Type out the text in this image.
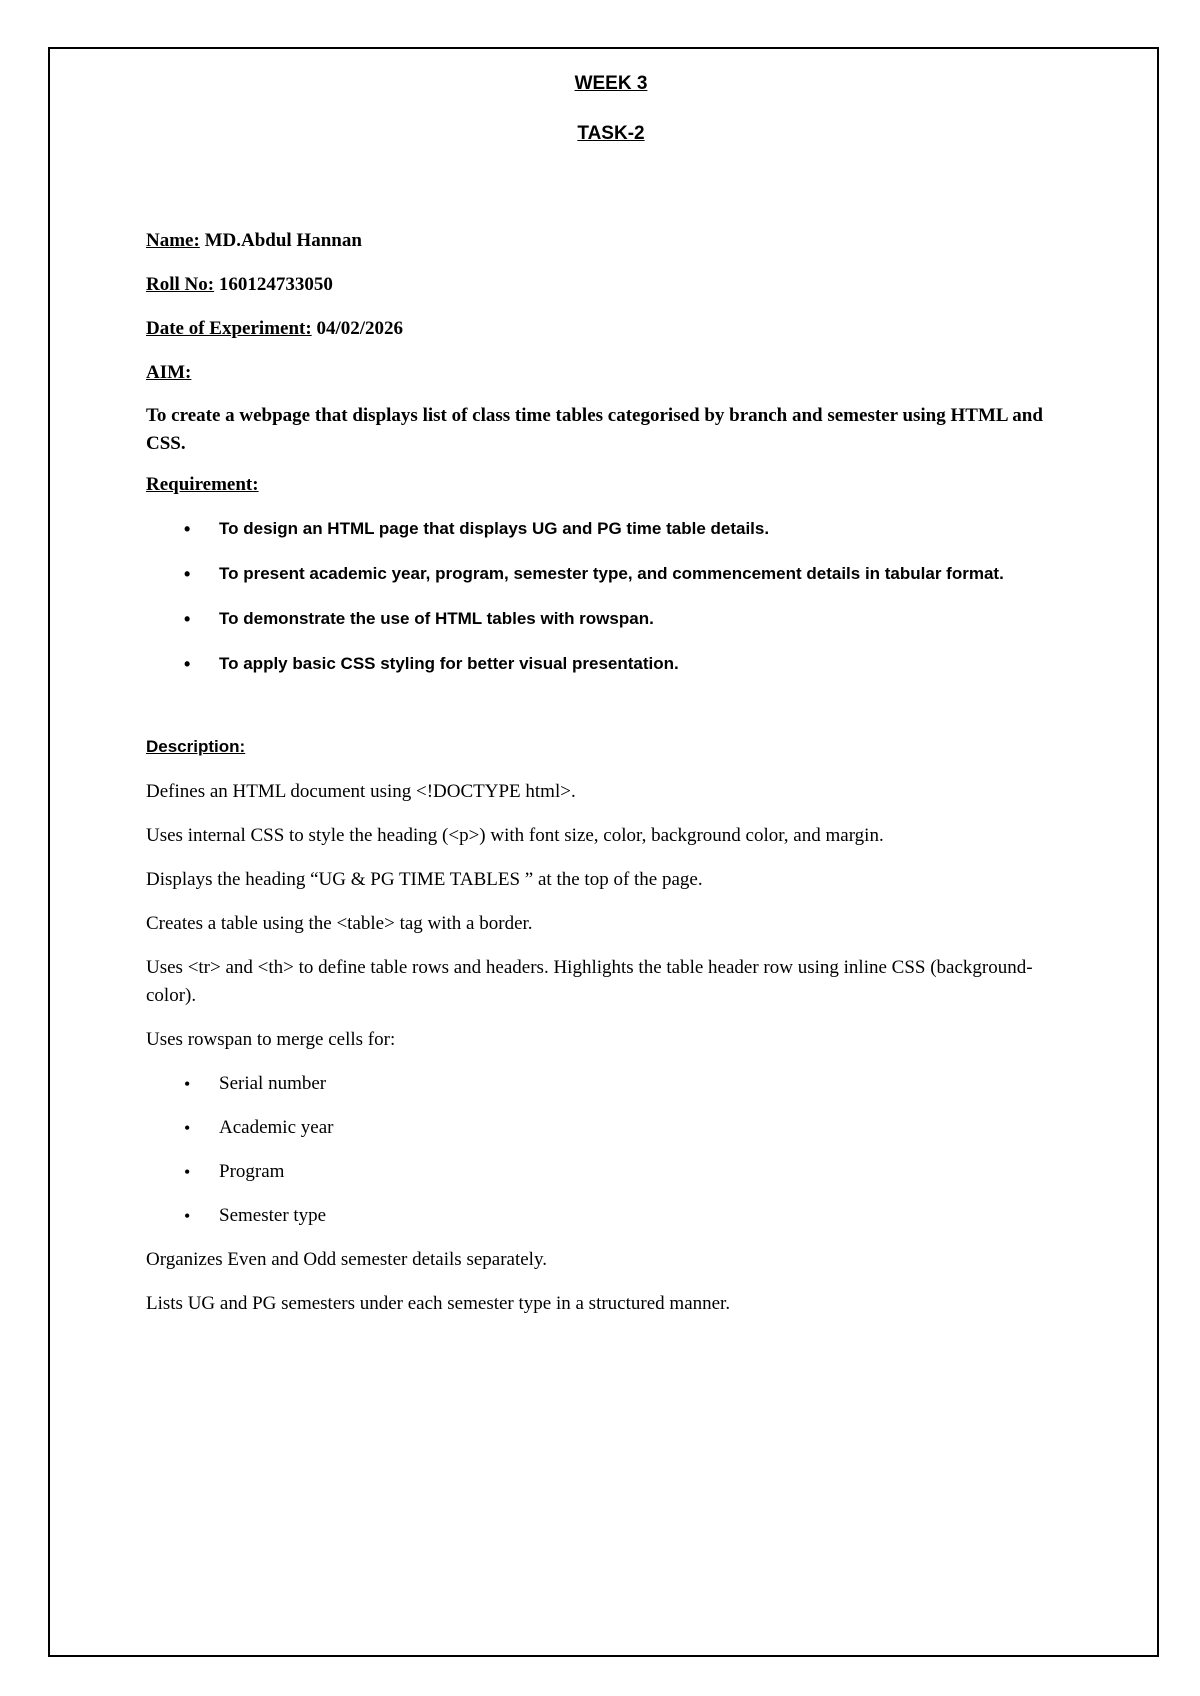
WEEK 3

TASK-2

Name: MD.Abdul Hannan

Roll No: 160124733050

Date of Experiment: 04/02/2026

AIM:

To create a webpage that displays list of class time tables categorised by branch and semester using HTML and CSS.

Requirement:

• To design an HTML page that displays UG and PG time table details.
• To present academic year, program, semester type, and commencement details in tabular format.
• To demonstrate the use of HTML tables with rowspan.
• To apply basic CSS styling for better visual presentation.

Description:

Defines an HTML document using <!DOCTYPE html>.

Uses internal CSS to style the heading (<p>) with font size, color, background color, and margin.

Displays the heading “UG & PG TIME TABLES ” at the top of the page.

Creates a table using the <table> tag with a border.

Uses <tr> and <th> to define table rows and headers. Highlights the table header row using inline CSS (background-color).

Uses rowspan to merge cells for:

• Serial number
• Academic year
• Program
• Semester type

Organizes Even and Odd semester details separately.

Lists UG and PG semesters under each semester type in a structured manner.
